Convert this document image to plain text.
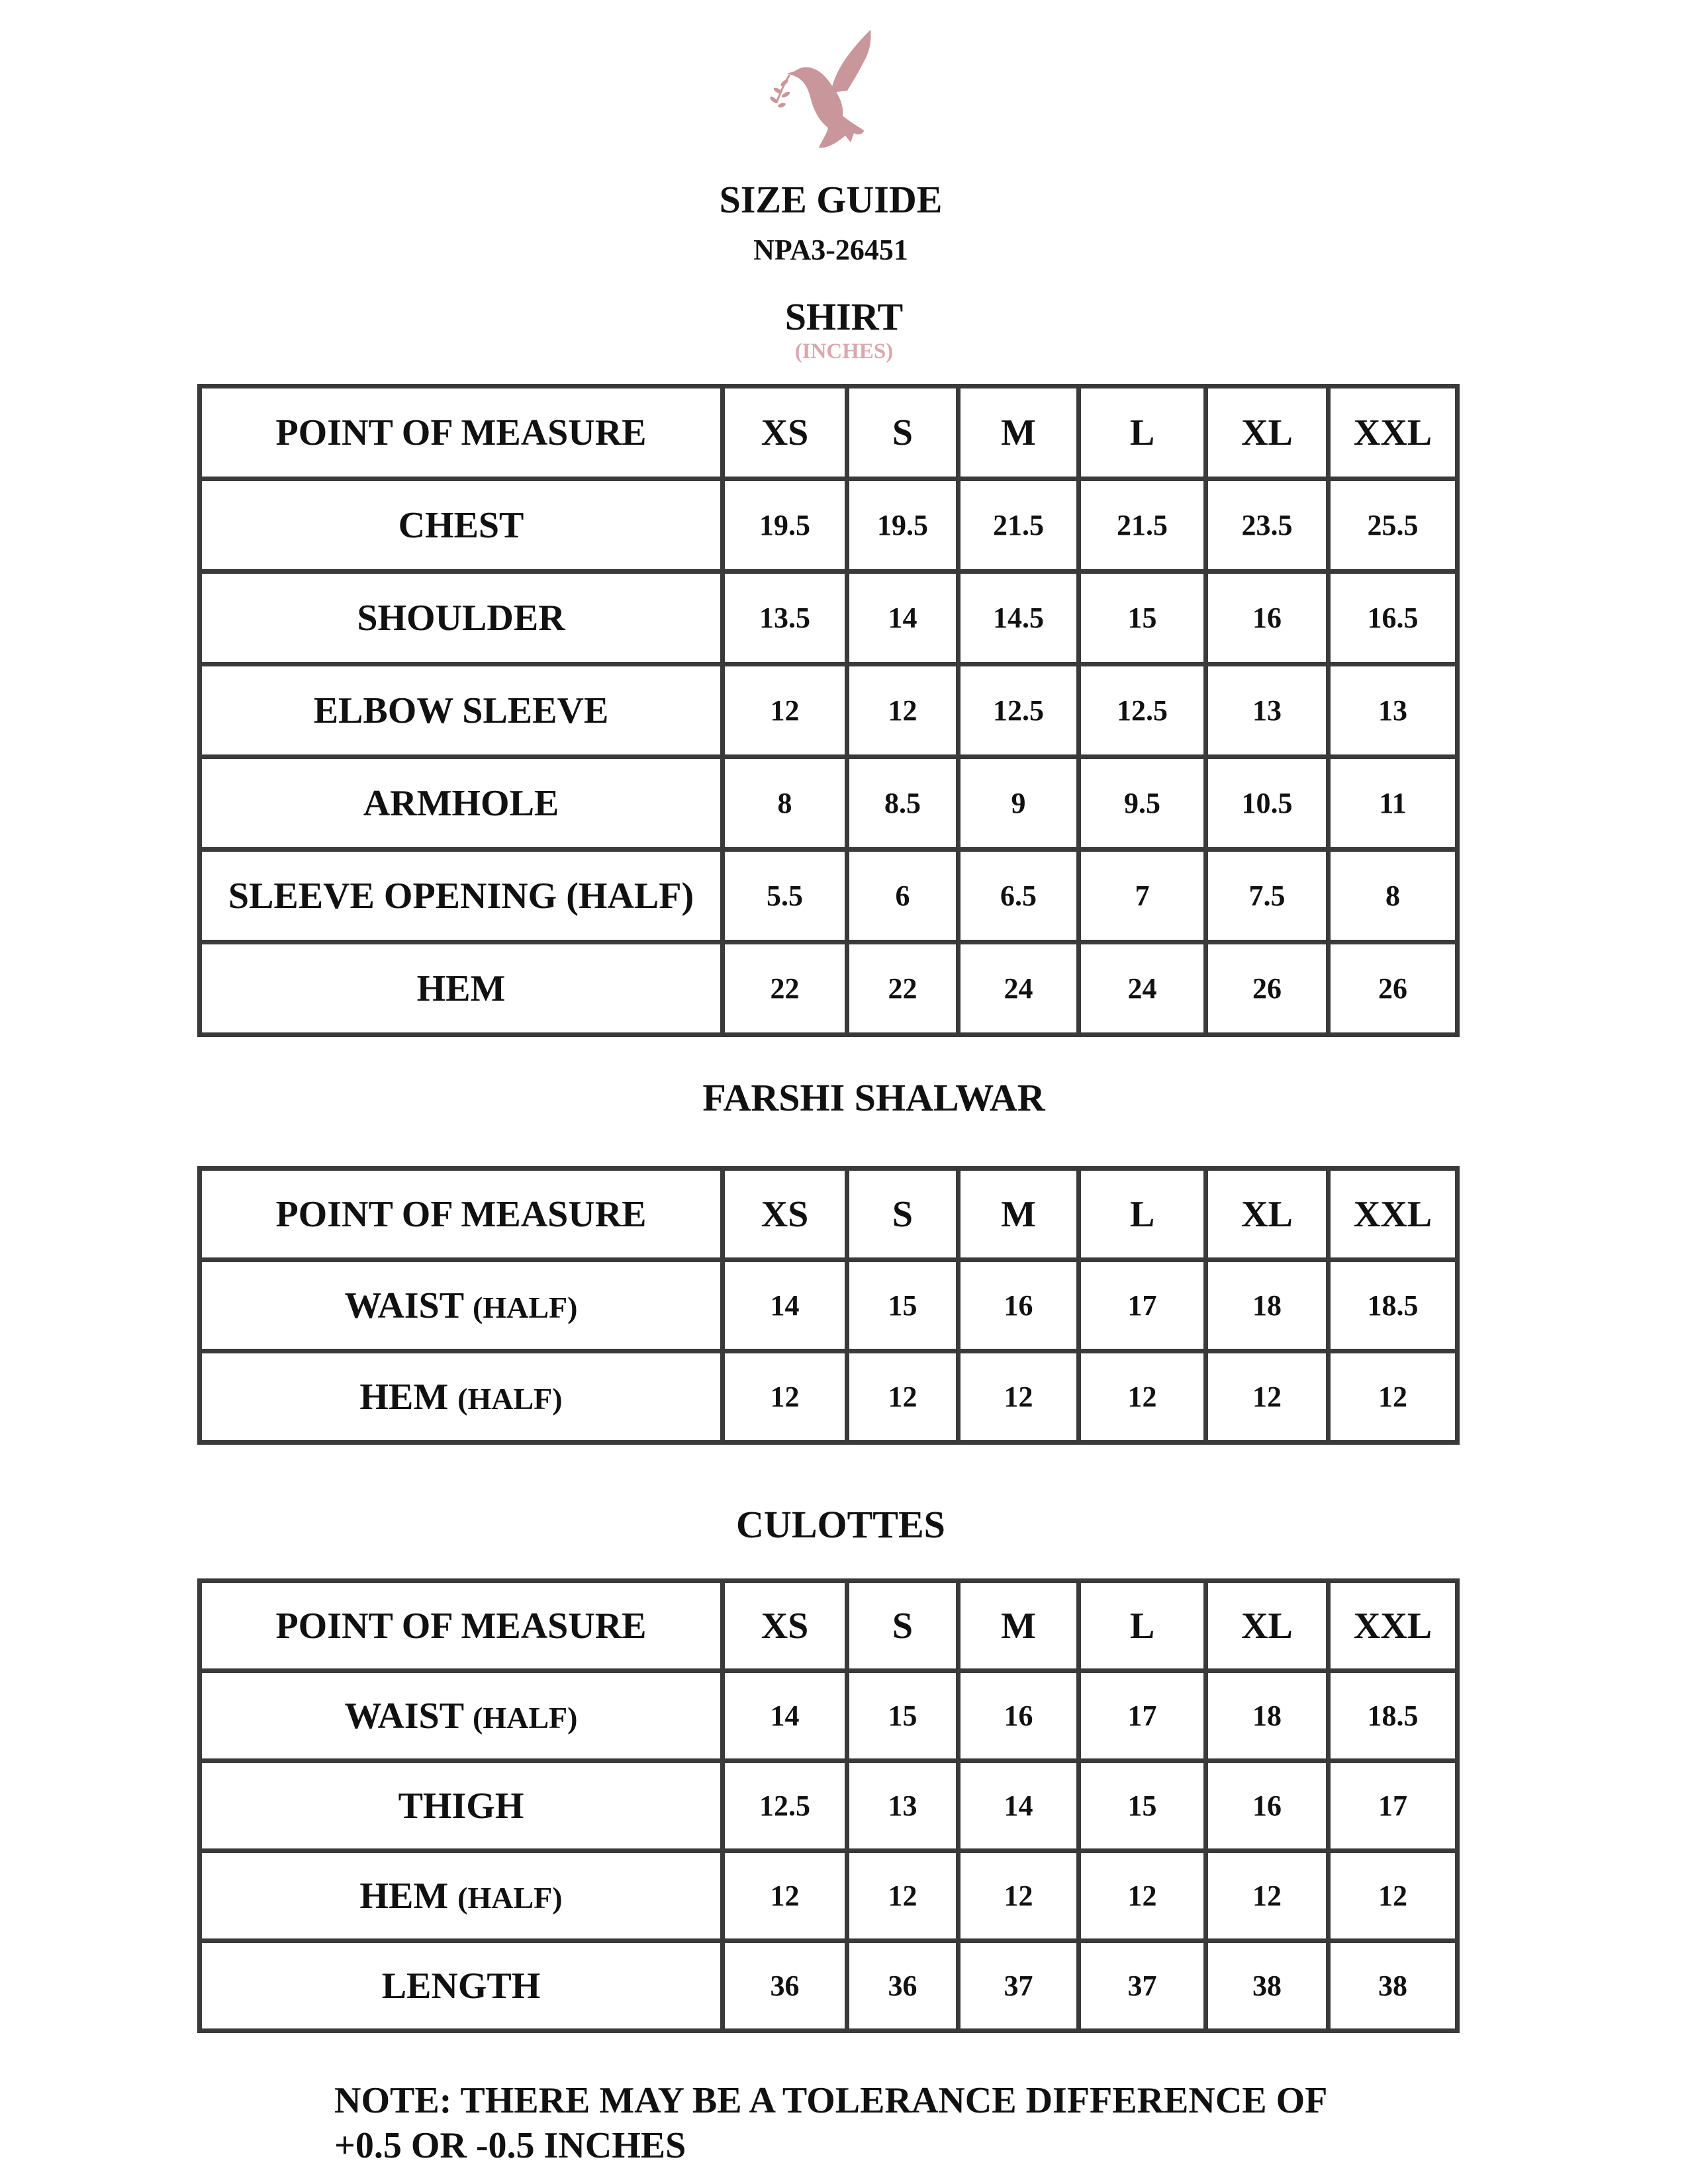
SIZE GUIDE
NPA3-26451
SHIRT
(INCHES)
POINT OF MEASURE	XS	S	M	L	XL	XXL
CHEST	19.5	19.5	21.5	21.5	23.5	25.5
SHOULDER	13.5	14	14.5	15	16	16.5
ELBOW SLEEVE	12	12	12.5	12.5	13	13
ARMHOLE	8	8.5	9	9.5	10.5	11
SLEEVE OPENING (HALF)	5.5	6	6.5	7	7.5	8
HEM	22	22	24	24	26	26
FARSHI SHALWAR
POINT OF MEASURE	XS	S	M	L	XL	XXL
WAIST (HALF)	14	15	16	17	18	18.5
HEM (HALF)	12	12	12	12	12	12
CULOTTES
POINT OF MEASURE	XS	S	M	L	XL	XXL
WAIST (HALF)	14	15	16	17	18	18.5
THIGH	12.5	13	14	15	16	17
HEM (HALF)	12	12	12	12	12	12
LENGTH	36	36	37	37	38	38
NOTE: THERE MAY BE A TOLERANCE DIFFERENCE OF
+0.5 OR -0.5 INCHES
